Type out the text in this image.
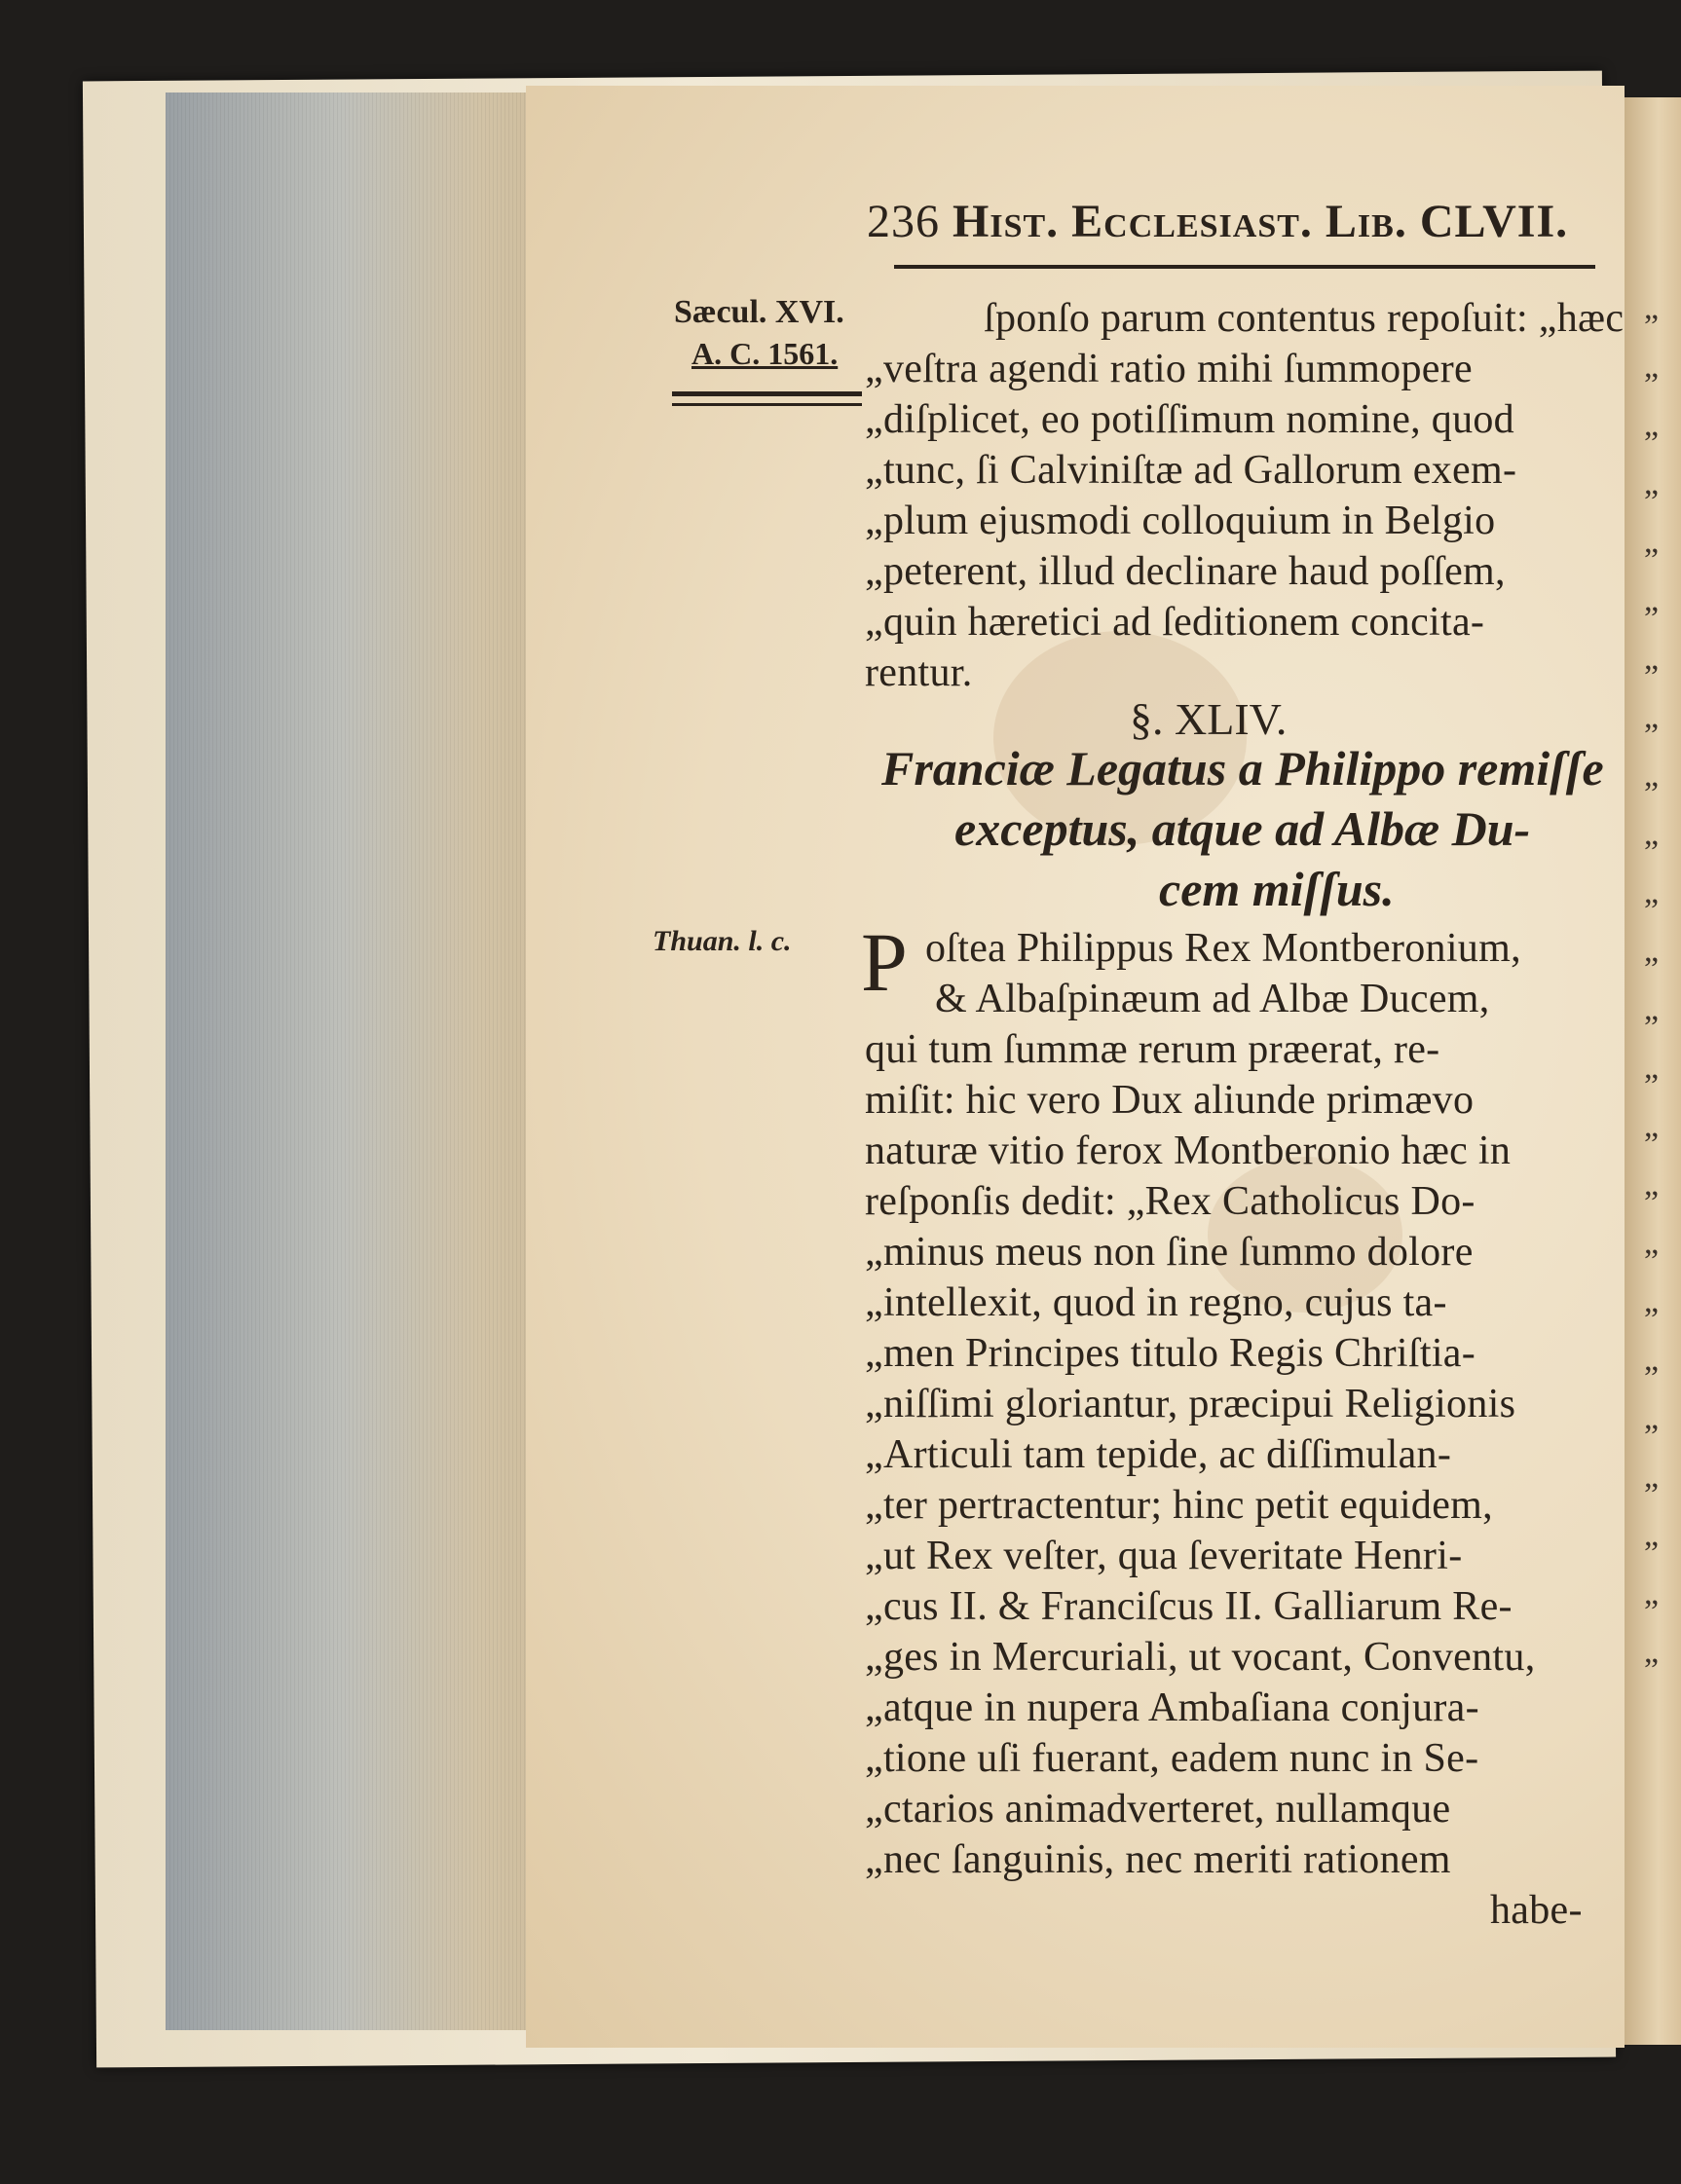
„
„
„
„
„
„
„
„
„
„
„
„
„
„
„
„
„
„
„
„
„
„
„
„
236 Hist. Ecclesiast. Lib. CLVII.
Sæcul. XVI.
A. C. 1561.
ſponſo parum contentus repoſuit: „hæc
„veſtra agendi ratio mihi ſummopere
„diſplicet, eo potiſſimum nomine, quod
„tunc, ſi Calviniſtæ ad Gallorum exem-
„plum ejusmodi colloquium in Belgio
„peterent, illud declinare haud poſſem,
„quin hæretici ad ſeditionem concita-
rentur.
§. XLIV.
Franciæ Legatus a Philippo remiſſe
exceptus, atque ad Albæ Du-
cem miſſus.
Thuan. l. c. P oſtea Philippus Rex Montberonium,
& Albaſpinæum ad Albæ Ducem,
qui tum ſummæ rerum præerat, re-
miſit: hic vero Dux aliunde primævo
naturæ vitio ferox Montberonio hæc in
reſponſis dedit: „Rex Catholicus Do-
„minus meus non ſine ſummo dolore
„intellexit, quod in regno, cujus ta-
„men Principes titulo Regis Chriſtia-
„niſſimi gloriantur, præcipui Religionis
„Articuli tam tepide, ac diſſimulan-
„ter pertractentur; hinc petit equidem,
„ut Rex veſter, qua ſeveritate Henri-
„cus II. & Franciſcus II. Galliarum Re-
„ges in Mercuriali, ut vocant, Conventu,
„atque in nupera Ambaſiana conjura-
„tione uſi fuerant, eadem nunc in Se-
„ctarios animadverteret, nullamque
„nec ſanguinis, nec meriti rationem
habe-
